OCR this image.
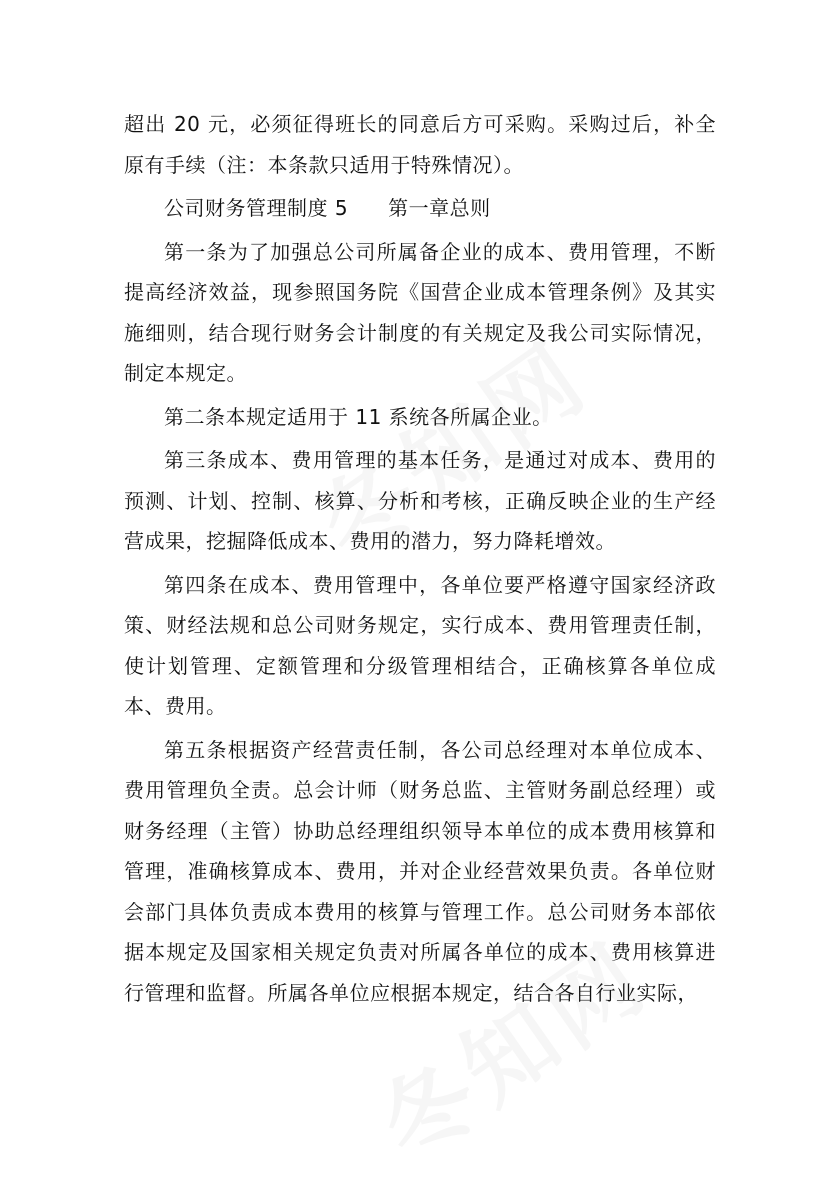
超出 20 元，必须征得班长的同意后方可采购。采购过后，补全原有手续（注：本条款只适用于特殊情况）。

公司财务管理制度 5 第一章总则

第一条为了加强总公司所属备企业的成本、费用管理，不断提高经济效益，现参照国务院《国营企业成本管理条例》及其实施细则，结合现行财务会计制度的有关规定及我公司实际情况，制定本规定。

第二条本规定适用于 11 系统各所属企业。

第三条成本、费用管理的基本任务，是通过对成本、费用的预测、计划、控制、核算、分析和考核，正确反映企业的生产经营成果，挖掘降低成本、费用的潜力，努力降耗增效。

第四条在成本、费用管理中，各单位要严格遵守国家经济政策、财经法规和总公司财务规定，实行成本、费用管理责任制，使计划管理、定额管理和分级管理相结合，正确核算各单位成本、费用。

第五条根据资产经营责任制，各公司总经理对本单位成本、费用管理负全责。总会计师（财务总监、主管财务副总经理）或财务经理（主管）协助总经理组织领导本单位的成本费用核算和管理，准确核算成本、费用，并对企业经营效果负责。各单位财会部门具体负责成本费用的核算与管理工作。总公司财务本部依据本规定及国家相关规定负责对所属各单位的成本、费用核算进行管理和监督。所属各单位应根据本规定，结合各自行业实际，
